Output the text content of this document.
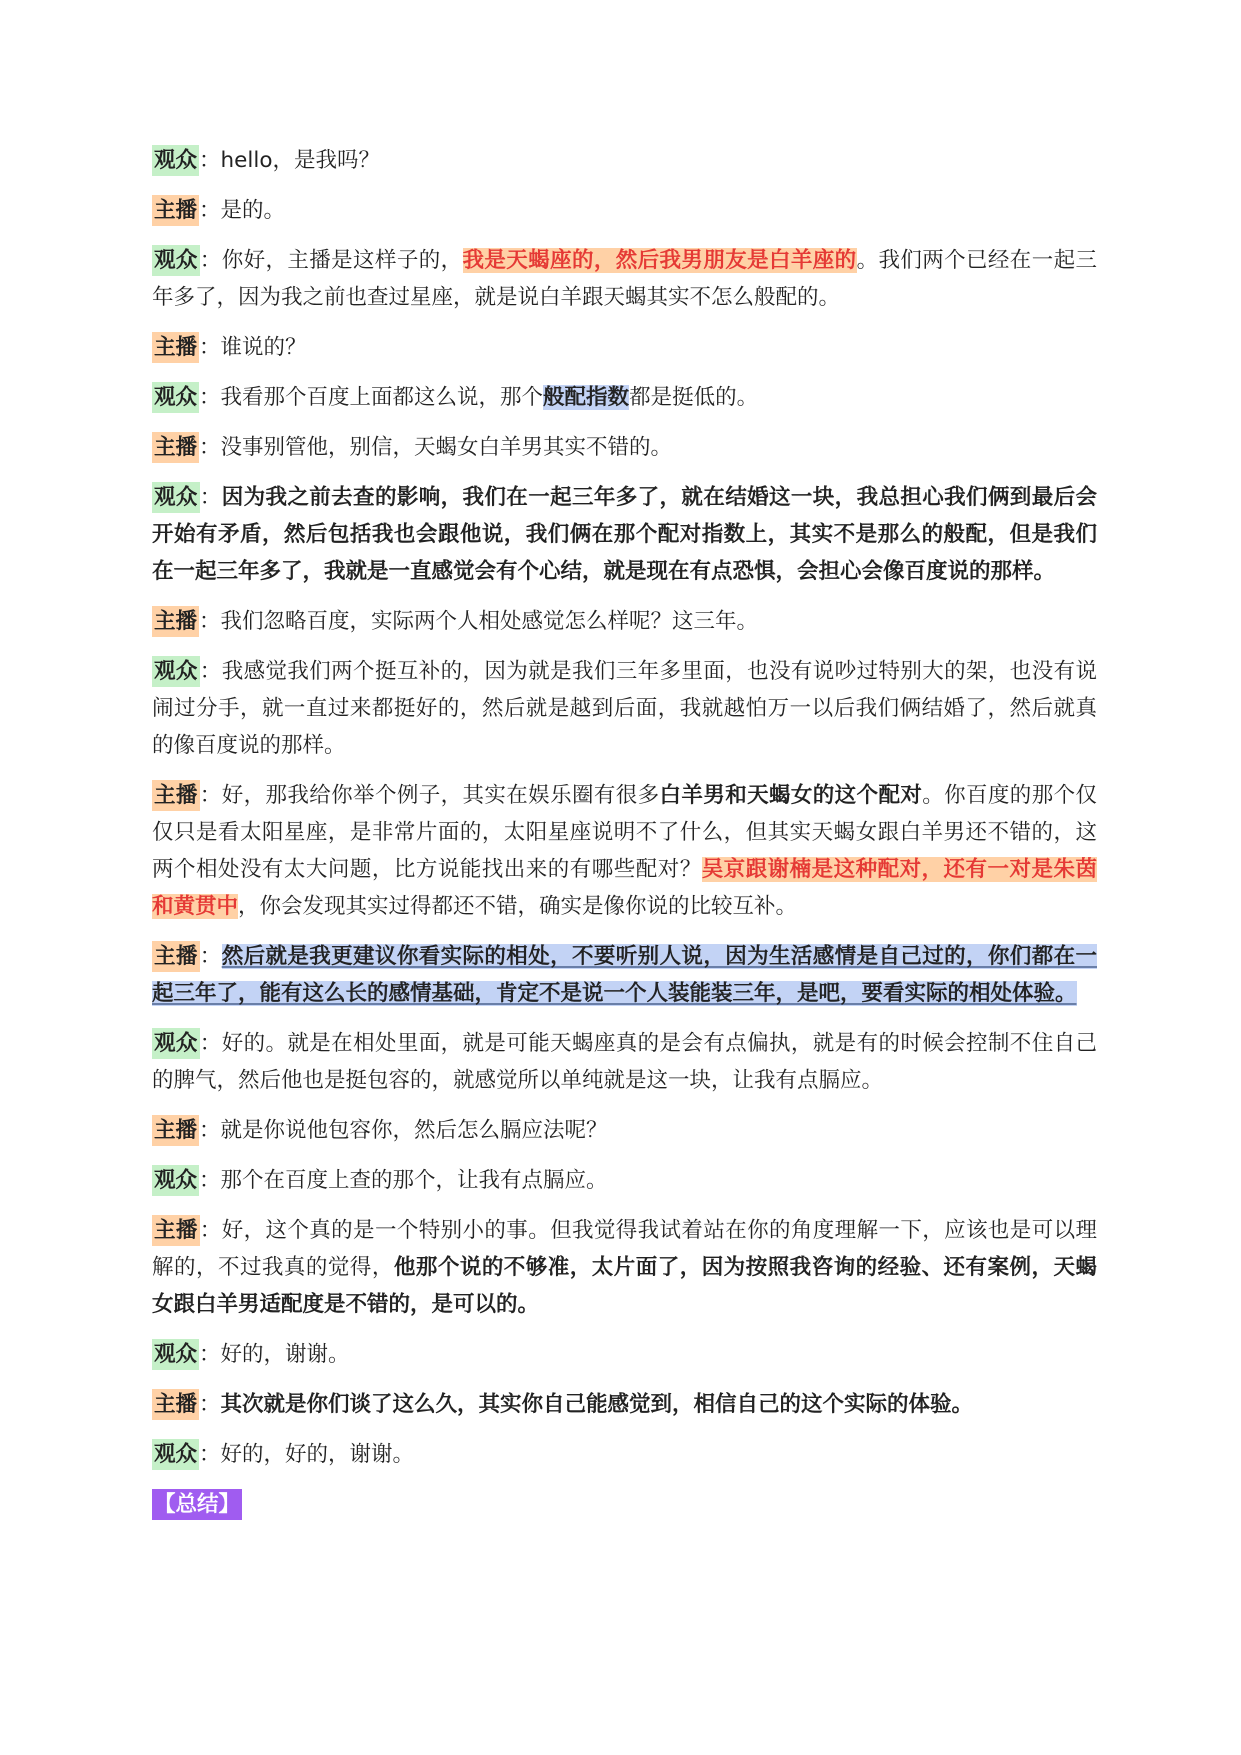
观众：hello，是我吗？
主播：是的。
观众：你好，主播是这样子的，我是天蝎座的，然后我男朋友是白羊座的。我们两个已经在一起三年多了，因为我之前也查过星座，就是说白羊跟天蝎其实不怎么般配的。
主播：谁说的？
观众：我看那个百度上面都这么说，那个般配指数都是挺低的。
主播：没事别管他，别信，天蝎女白羊男其实不错的。
观众：因为我之前去查的影响，我们在一起三年多了，就在结婚这一块，我总担心我们俩到最后会开始有矛盾，然后包括我也会跟他说，我们俩在那个配对指数上，其实不是那么的般配，但是我们在一起三年多了，我就是一直感觉会有个心结，就是现在有点恐惧，会担心会像百度说的那样。
主播：我们忽略百度，实际两个人相处感觉怎么样呢？这三年。
观众：我感觉我们两个挺互补的，因为就是我们三年多里面，也没有说吵过特别大的架，也没有说闹过分手，就一直过来都挺好的，然后就是越到后面，我就越怕万一以后我们俩结婚了，然后就真的像百度说的那样。
主播：好，那我给你举个例子，其实在娱乐圈有很多白羊男和天蝎女的这个配对。你百度的那个仅仅只是看太阳星座，是非常片面的，太阳星座说明不了什么，但其实天蝎女跟白羊男还不错的，这两个相处没有太大问题，比方说能找出来的有哪些配对？吴京跟谢楠是这种配对，还有一对是朱茵和黄贯中，你会发现其实过得都还不错，确实是像你说的比较互补。
主播：然后就是我更建议你看实际的相处，不要听别人说，因为生活感情是自己过的，你们都在一起三年了，能有这么长的感情基础，肯定不是说一个人装能装三年，是吧，要看实际的相处体验。
观众：好的。就是在相处里面，就是可能天蝎座真的是会有点偏执，就是有的时候会控制不住自己的脾气，然后他也是挺包容的，就感觉所以单纯就是这一块，让我有点膈应。
主播：就是你说他包容你，然后怎么膈应法呢？
观众：那个在百度上查的那个，让我有点膈应。
主播：好，这个真的是一个特别小的事。但我觉得我试着站在你的角度理解一下，应该也是可以理解的，不过我真的觉得，他那个说的不够准，太片面了，因为按照我咨询的经验、还有案例，天蝎女跟白羊男适配度是不错的，是可以的。
观众：好的，谢谢。
主播：其次就是你们谈了这么久，其实你自己能感觉到，相信自己的这个实际的体验。
观众：好的，好的，谢谢。
【总结】
